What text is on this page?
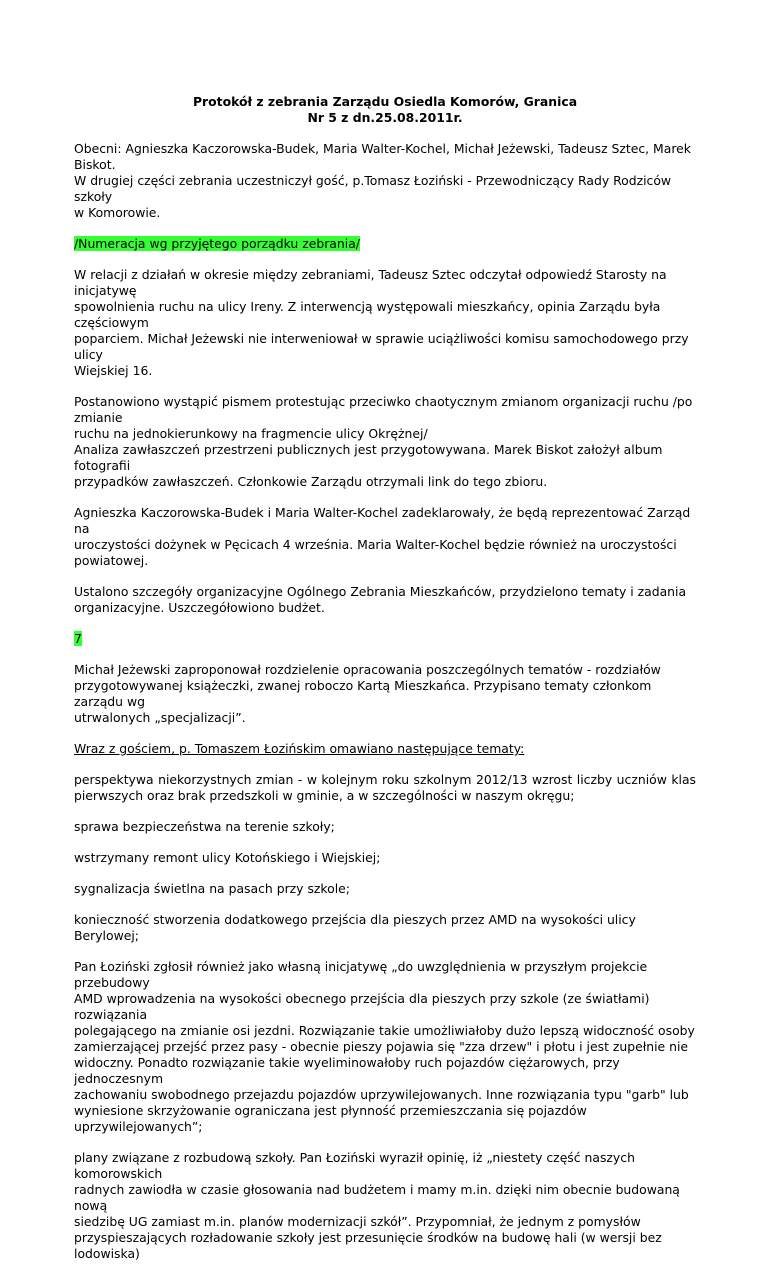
Protokół z zebrania Zarządu Osiedla Komorów, Granica
Nr 5 z dn.25.08.2011r.

Obecni: Agnieszka Kaczorowska-Budek, Maria Walter-Kochel, Michał Jeżewski, Tadeusz Sztec, Marek Biskot.
W drugiej części zebrania uczestniczył gość, p.Tomasz Łoziński - Przewodniczący Rady Rodziców szkoły
w Komorowie.

/Numeracja wg przyjętego porządku zebrania/

W relacji z działań w okresie między zebraniami, Tadeusz Sztec odczytał odpowiedź Starosty na inicjatywę
spowolnienia ruchu na ulicy Ireny. Z interwencją występowali mieszkańcy, opinia Zarządu była częściowym
poparciem. Michał Jeżewski nie interweniował w sprawie uciążliwości komisu samochodowego przy ulicy
Wiejskiej 16.

Postanowiono wystąpić pismem protestując przeciwko chaotycznym zmianom organizacji ruchu /po zmianie
ruchu na jednokierunkowy na fragmencie ulicy Okrężnej/
Analiza zawłaszczeń przestrzeni publicznych jest przygotowywana. Marek Biskot założył album fotografii
przypadków zawłaszczeń. Członkowie Zarządu otrzymali link do tego zbioru.

Agnieszka Kaczorowska-Budek i Maria Walter-Kochel zadeklarowały, że będą reprezentować Zarząd na
uroczystości dożynek w Pęcicach 4 września. Maria Walter-Kochel będzie również na uroczystości
powiatowej.

Ustalono szczegóły organizacyjne Ogólnego Zebrania Mieszkańców, przydzielono tematy i zadania
organizacyjne. Uszczegółowiono budżet.

7

Michał Jeżewski zaproponował rozdzielenie opracowania poszczególnych tematów - rozdziałów
przygotowywanej książeczki, zwanej roboczo Kartą Mieszkańca. Przypisano tematy członkom zarządu wg
utrwalonych „specjalizacji”.

Wraz z gościem, p. Tomaszem Łozińskim omawiano następujące tematy:

perspektywa niekorzystnych zmian - w kolejnym roku szkolnym 2012/13 wzrost liczby uczniów klas pierwszych oraz brak przedszkoli w gminie, a w szczególności w naszym okręgu;

sprawa bezpieczeństwa na terenie szkoły;

wstrzymany remont ulicy Kotońskiego i Wiejskiej;

sygnalizacja świetlna na pasach przy szkole;

konieczność stworzenia dodatkowego przejścia dla pieszych przez AMD na wysokości ulicy Berylowej;

Pan Łoziński zgłosił również jako własną inicjatywę „do uwzględnienia w przyszłym projekcie przebudowy
AMD wprowadzenia na wysokości obecnego przejścia dla pieszych przy szkole (ze światłami) rozwiązania
polegającego na zmianie osi jezdni. Rozwiązanie takie umożliwiałoby dużo lepszą widoczność osoby
zamierzającej przejść przez pasy - obecnie pieszy pojawia się "zza drzew" i płotu i jest zupełnie nie
widoczny. Ponadto rozwiązanie takie wyeliminowałoby ruch pojazdów ciężarowych, przy jednoczesnym
zachowaniu swobodnego przejazdu pojazdów uprzywilejowanych. Inne rozwiązania typu "garb" lub
wyniesione skrzyżowanie ograniczana jest płynność przemieszczania się pojazdów uprzywilejowanych”;

plany związane z rozbudową szkoły. Pan Łoziński wyraził opinię, iż „niestety część naszych komorowskich
radnych zawiodła w czasie głosowania nad budżetem i mamy m.in. dzięki nim obecnie budowaną nową
siedzibę UG zamiast m.in. planów modernizacji szkół”. Przypomniał, że jednym z pomysłów
przyspieszających rozładowanie szkoły jest przesunięcie środków na budowę hali (w wersji bez lodowiska)
